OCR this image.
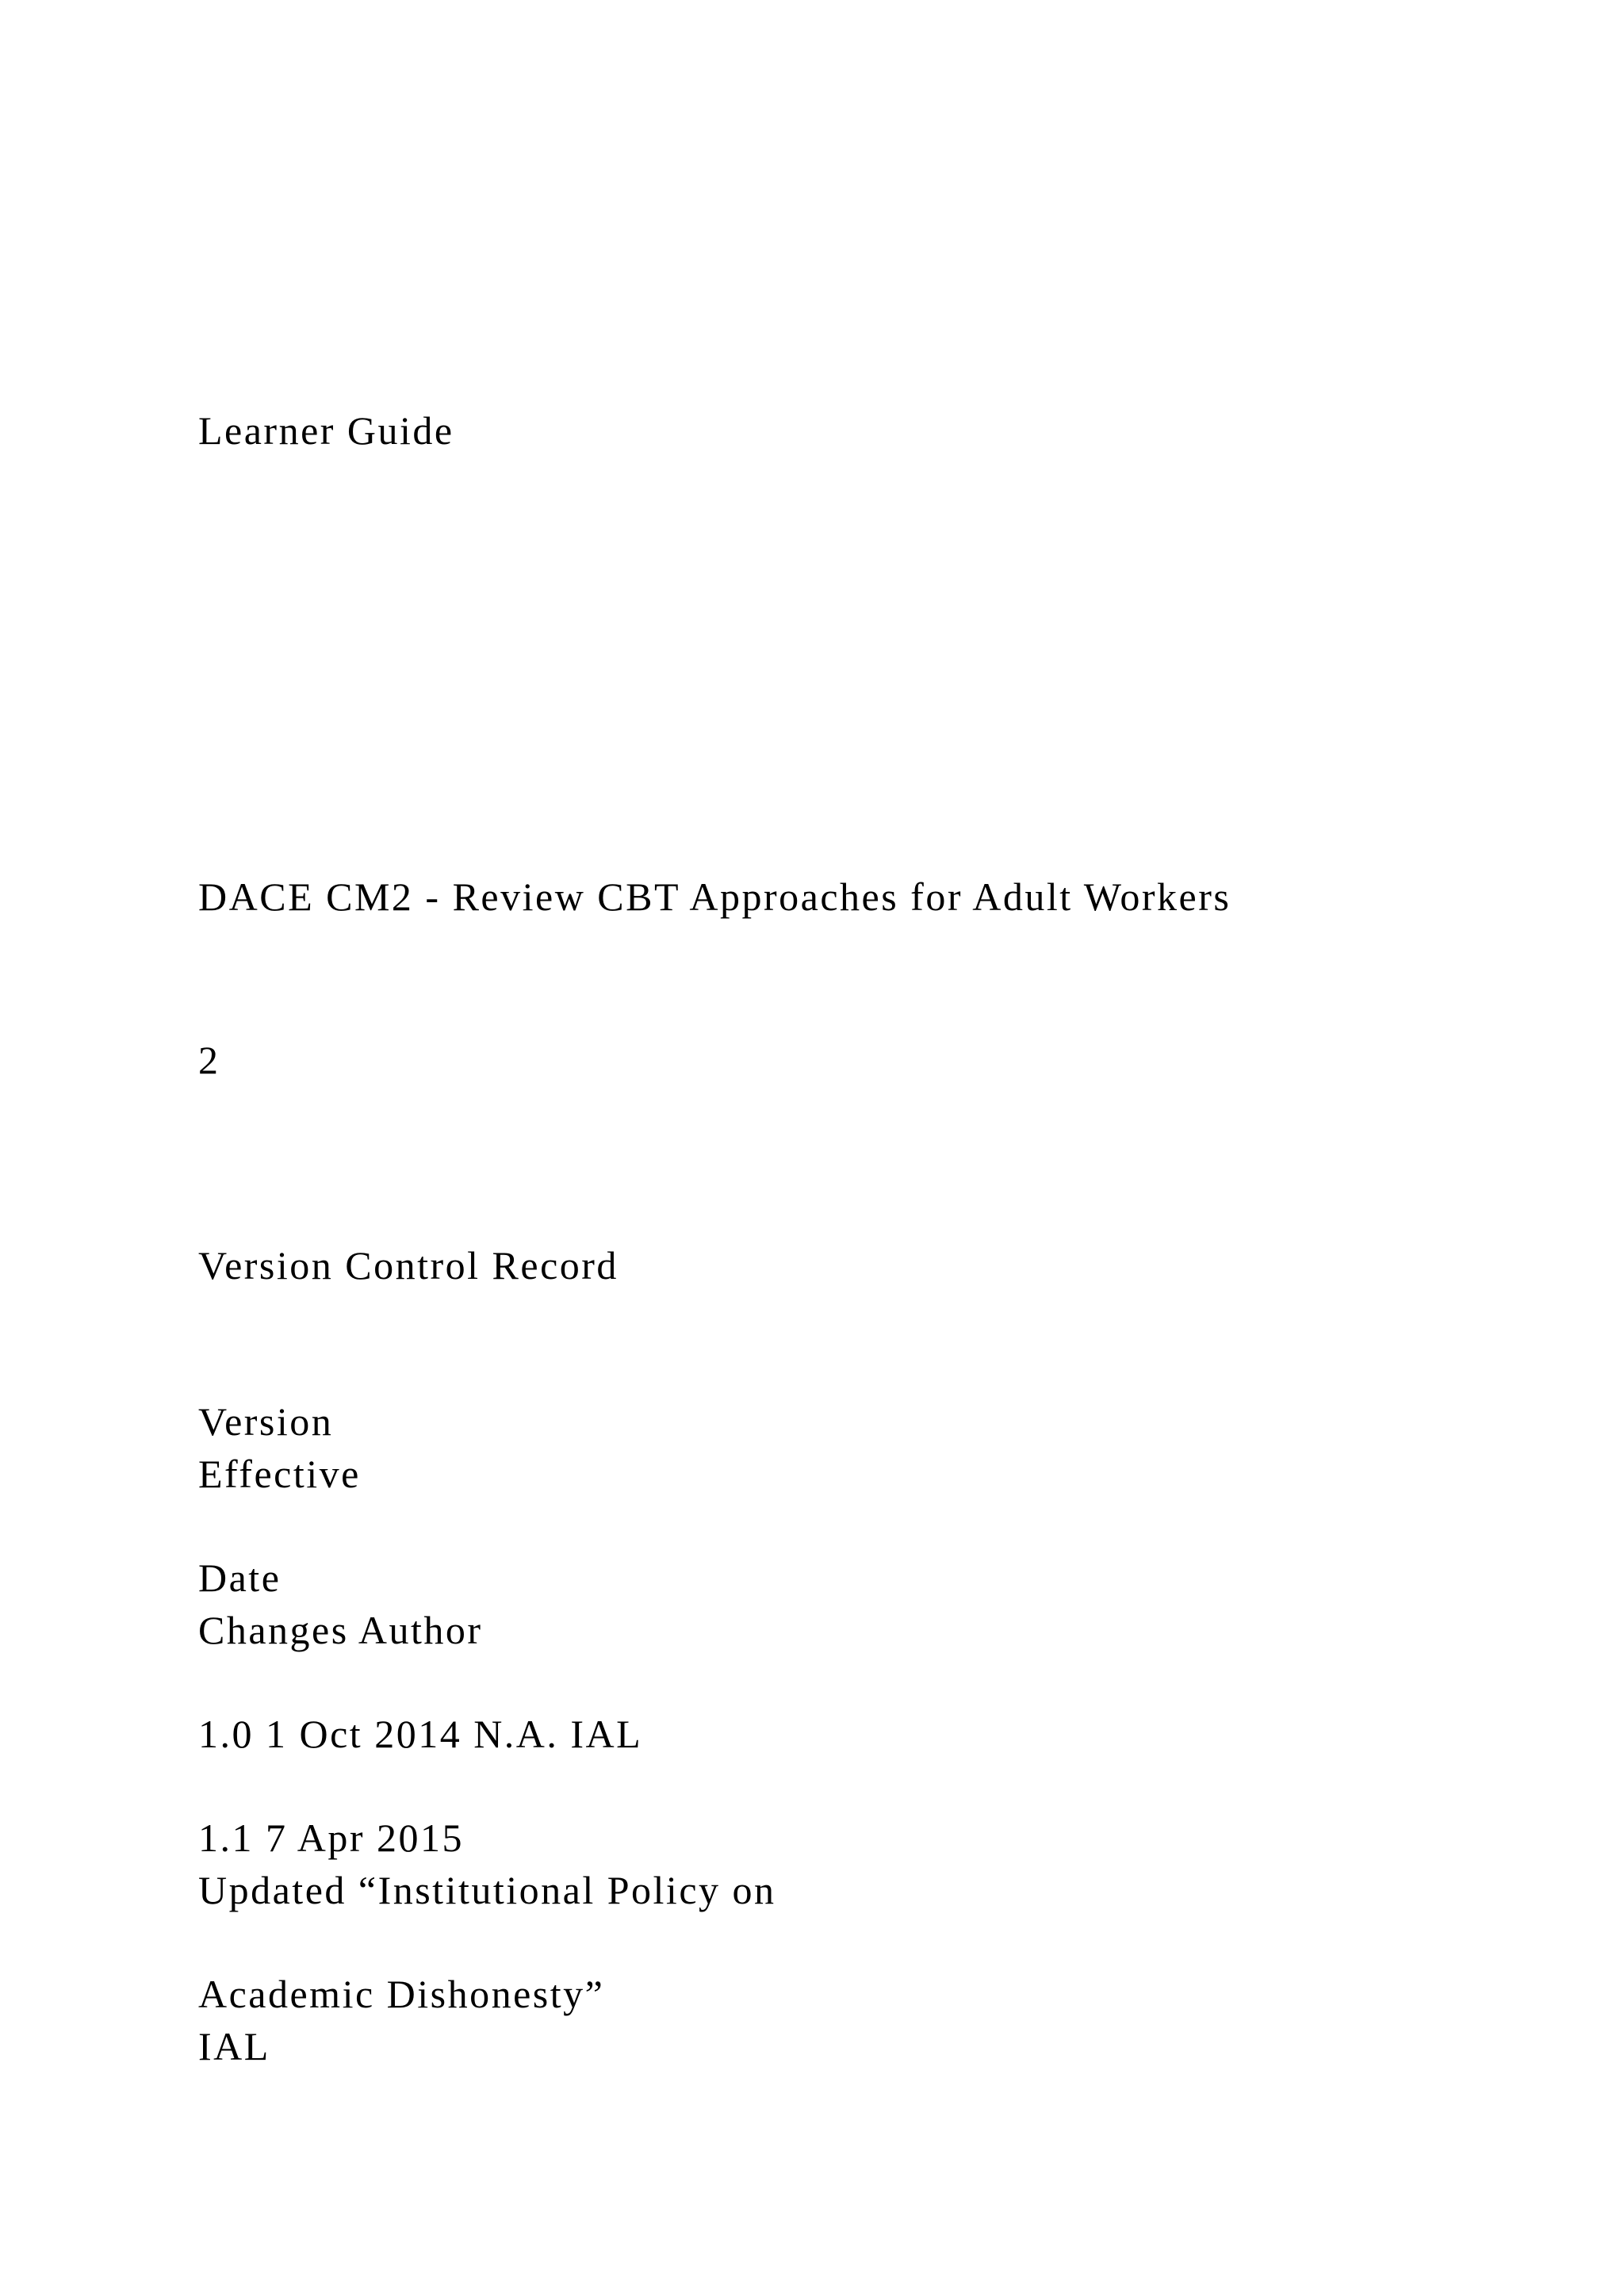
Learner Guide
DACE CM2 - Review CBT Approaches for Adult Workers
2
Version Control Record
Version
Effective
Date
Changes Author
1.0 1 Oct 2014 N.A. IAL
1.1 7 Apr 2015
Updated “Institutional Policy on
Academic Dishonesty”
IAL
